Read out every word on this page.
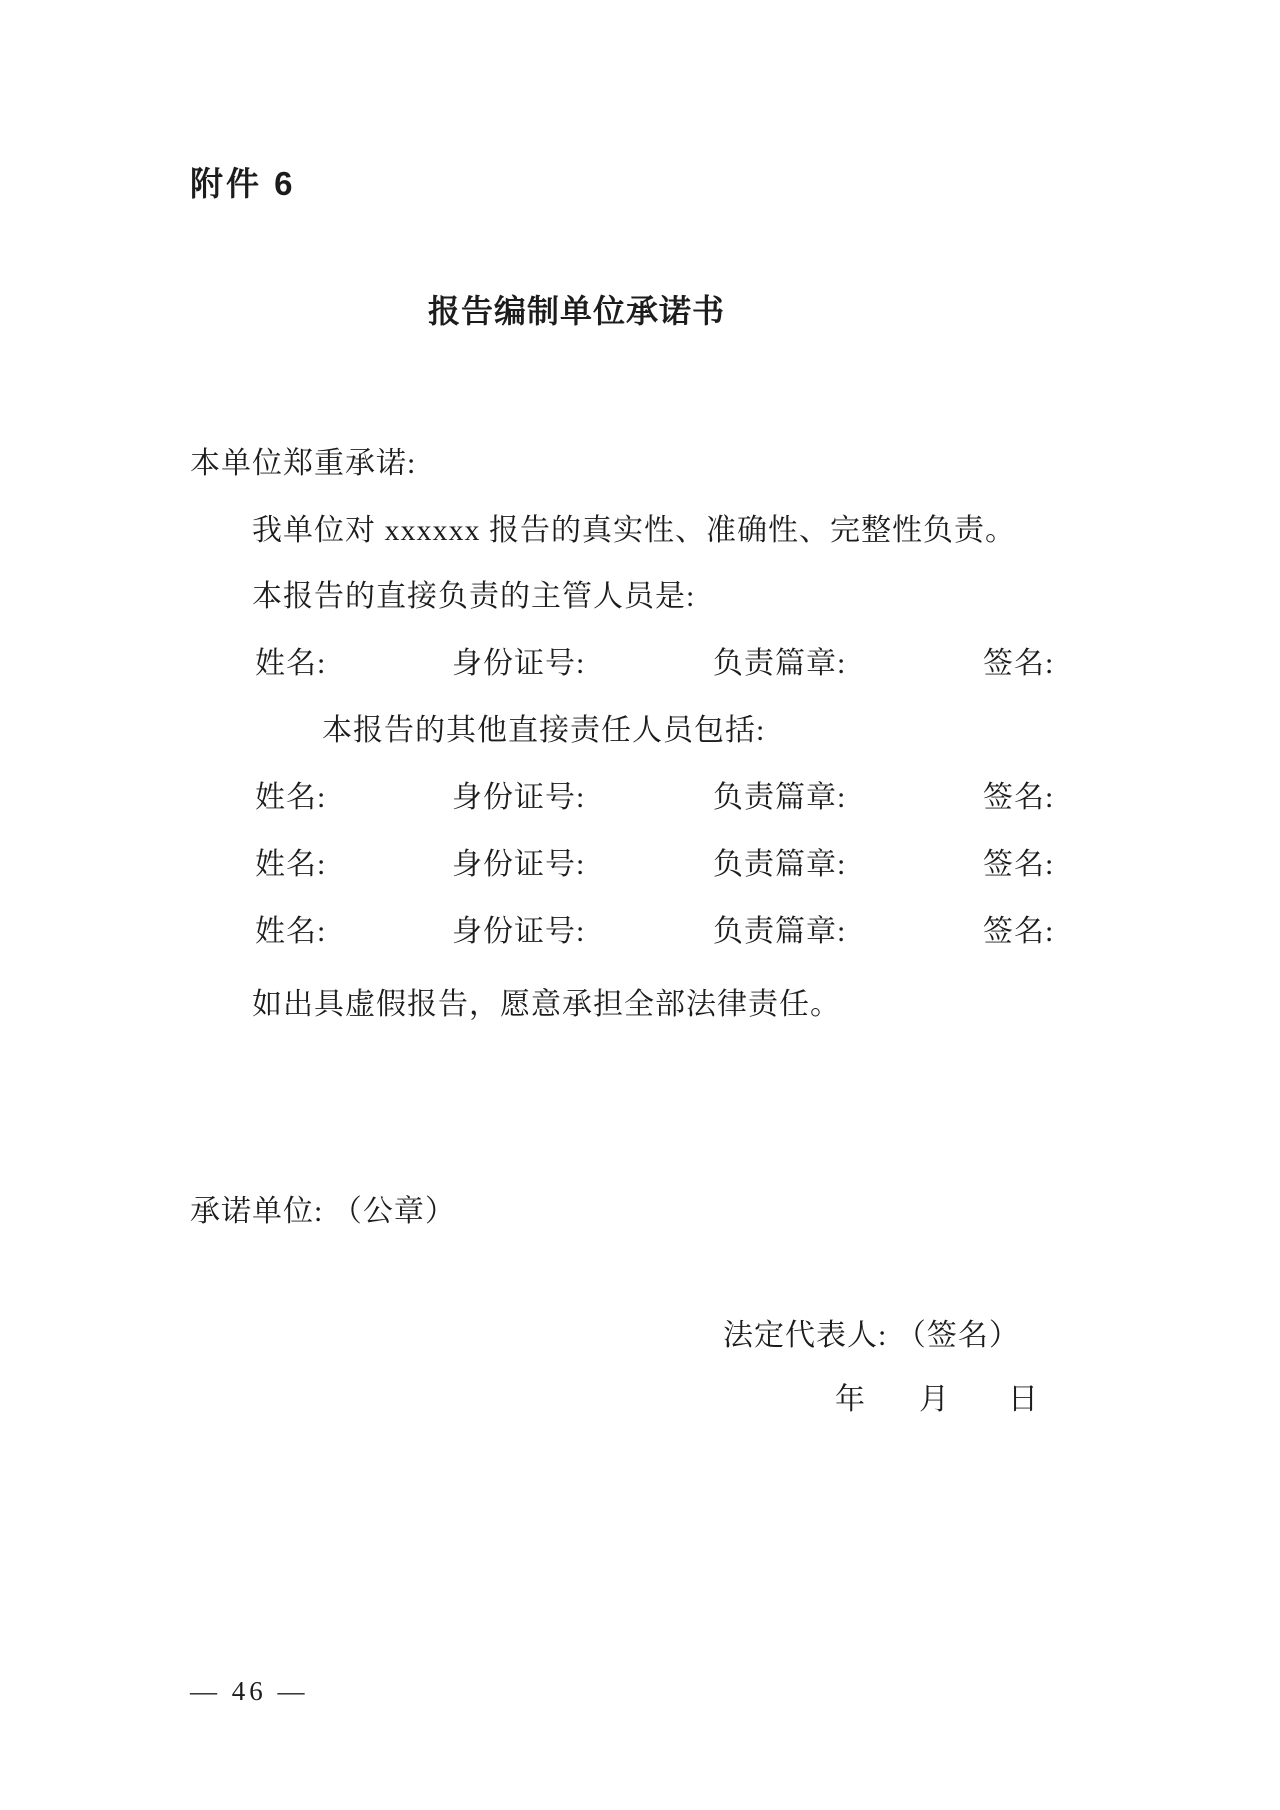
附件 6
报告编制单位承诺书
本单位郑重承诺:
我单位对 xxxxxx 报告的真实性、准确性、完整性负责。
本报告的直接负责的主管人员是:
姓名:	身份证号:	负责篇章:	签名:
本报告的其他直接责任人员包括:
姓名:	身份证号:	负责篇章:	签名:
姓名:	身份证号:	负责篇章:	签名:
姓名:	身份证号:	负责篇章:	签名:
如出具虚假报告，愿意承担全部法律责任。
承诺单位: （公章）
法定代表人: （签名）
年 月 日
— 46 —
